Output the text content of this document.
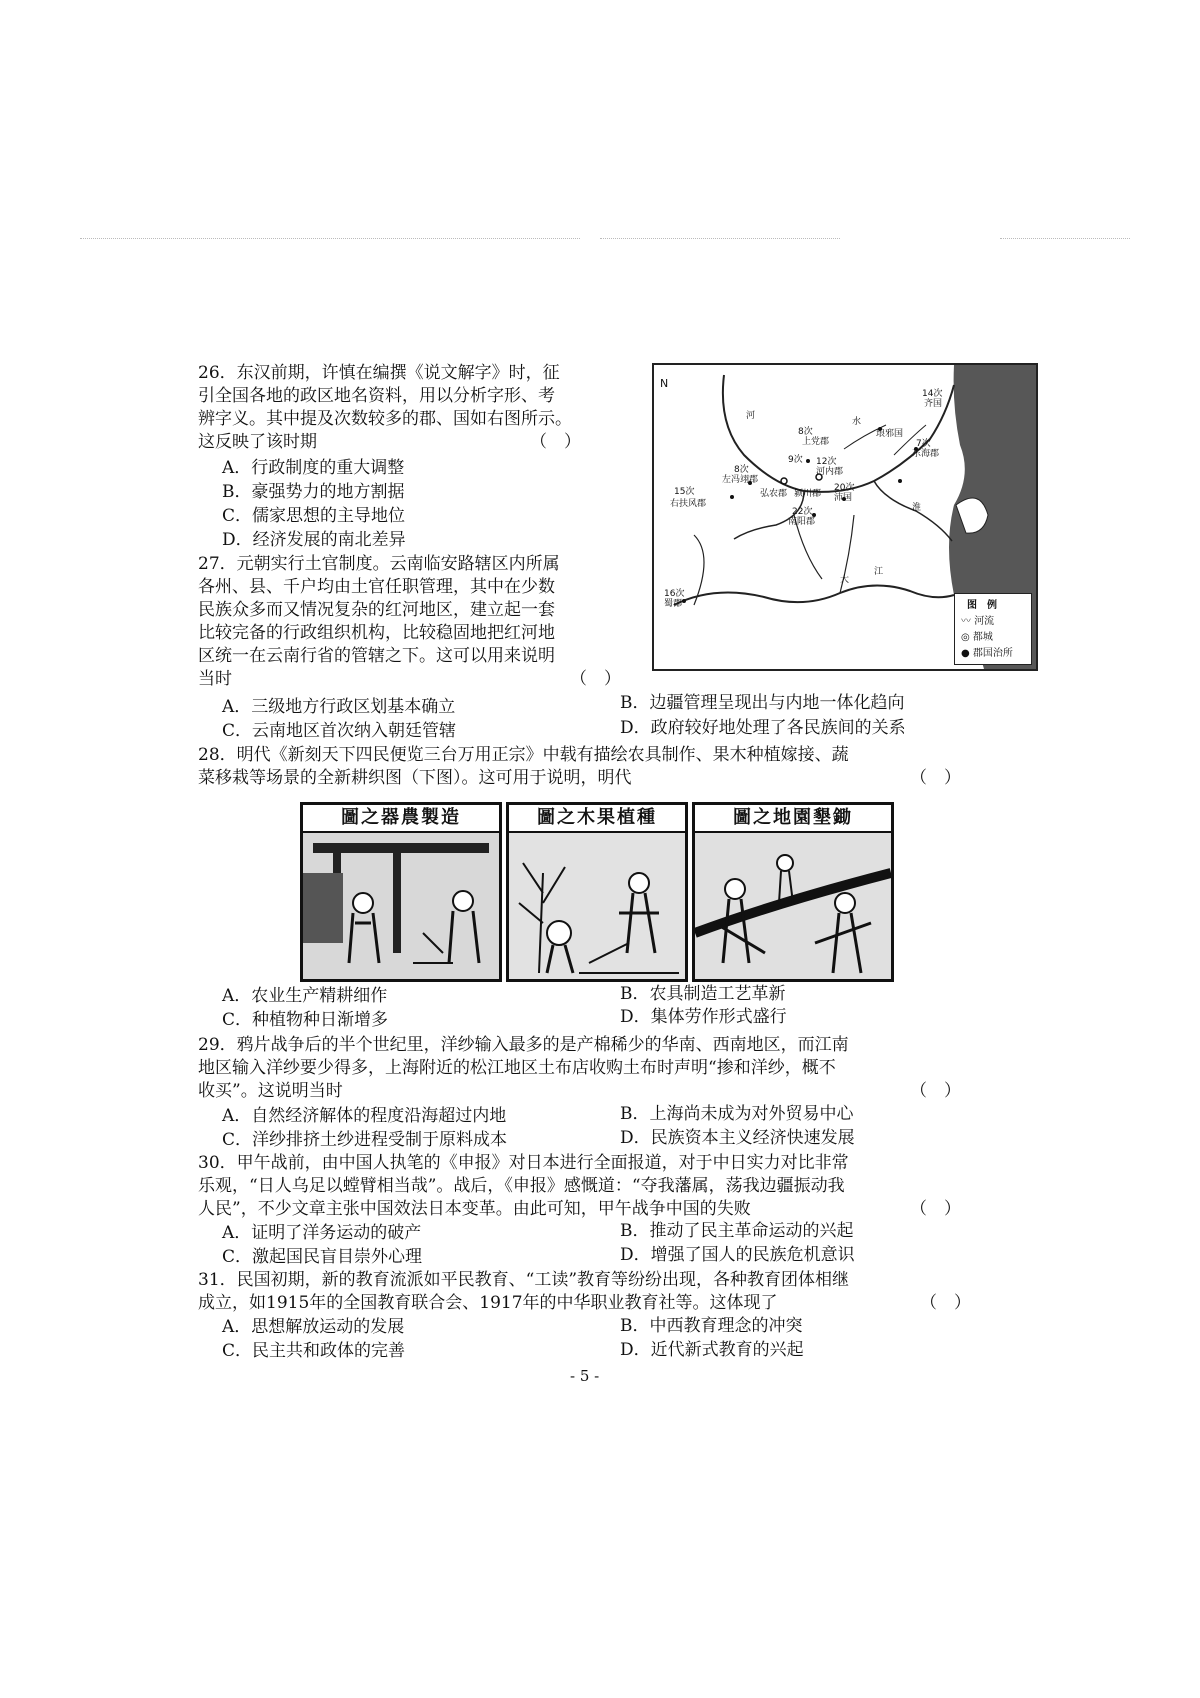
26．东汉前期，许慎在编撰《说文解字》时，征
引全国各地的政区地名资料，用以分析字形、考
辨字义。其中提及次数较多的郡、国如右图所示。
这反映了该时期	（　）
A．行政制度的重大调整
B．豪强势力的地方割据
C．儒家思想的主导地位
D．经济发展的南北差异
14次
齐国
8次
上党郡
琅邪国
7次
东海郡
9次 12次
河内郡
8次
左冯翊郡
15次
右扶风郡
弘农郡 颍川郡
20次
沛国
22次
南阳郡
16次
蜀郡
河
水
淮
江
大
N
图　例
〰 河流
◎ 都城
● 郡国治所
27．元朝实行土官制度。云南临安路辖区内所属
各州、县、千户均由土官任职管理，其中在少数
民族众多而又情况复杂的红河地区，建立起一套
比较完备的行政组织机构，比较稳固地把红河地
区统一在云南行省的管辖之下。这可以用来说明
当时	（　）
A．三级地方行政区划基本确立	B．边疆管理呈现出与内地一体化趋向
C．云南地区首次纳入朝廷管辖	D．政府较好地处理了各民族间的关系
28．明代《新刻天下四民便览三台万用正宗》中载有描绘农具制作、果木种植嫁接、蔬
菜移栽等场景的全新耕织图（下图）。这可用于说明，明代	（　）
圖之器農製造	圖之木果植種	圖之地園墾鋤
A．农业生产精耕细作	B．农具制造工艺革新
C．种植物种日渐增多	D．集体劳作形式盛行
29．鸦片战争后的半个世纪里，洋纱输入最多的是产棉稀少的华南、西南地区，而江南
地区输入洋纱要少得多，上海附近的松江地区土布店收购土布时声明“掺和洋纱，概不
收买”。这说明当时	（　）
A．自然经济解体的程度沿海超过内地	B．上海尚未成为对外贸易中心
C．洋纱排挤土纱进程受制于原料成本	D．民族资本主义经济快速发展
30．甲午战前，由中国人执笔的《申报》对日本进行全面报道，对于中日实力对比非常
乐观，“日人乌足以螳臂相当哉”。战后，《申报》感慨道：“夺我藩属，荡我边疆振动我
人民”，不少文章主张中国效法日本变革。由此可知，甲午战争中国的失败	（　）
A．证明了洋务运动的破产	B．推动了民主革命运动的兴起
C．激起国民盲目崇外心理	D．增强了国人的民族危机意识
31．民国初期，新的教育流派如平民教育、“工读”教育等纷纷出现，各种教育团体相继
成立，如1915年的全国教育联合会、1917年的中华职业教育社等。这体现了	（　）
A．思想解放运动的发展	B．中西教育理念的冲突
C．民主共和政体的完善	D．近代新式教育的兴起
- 5 -
